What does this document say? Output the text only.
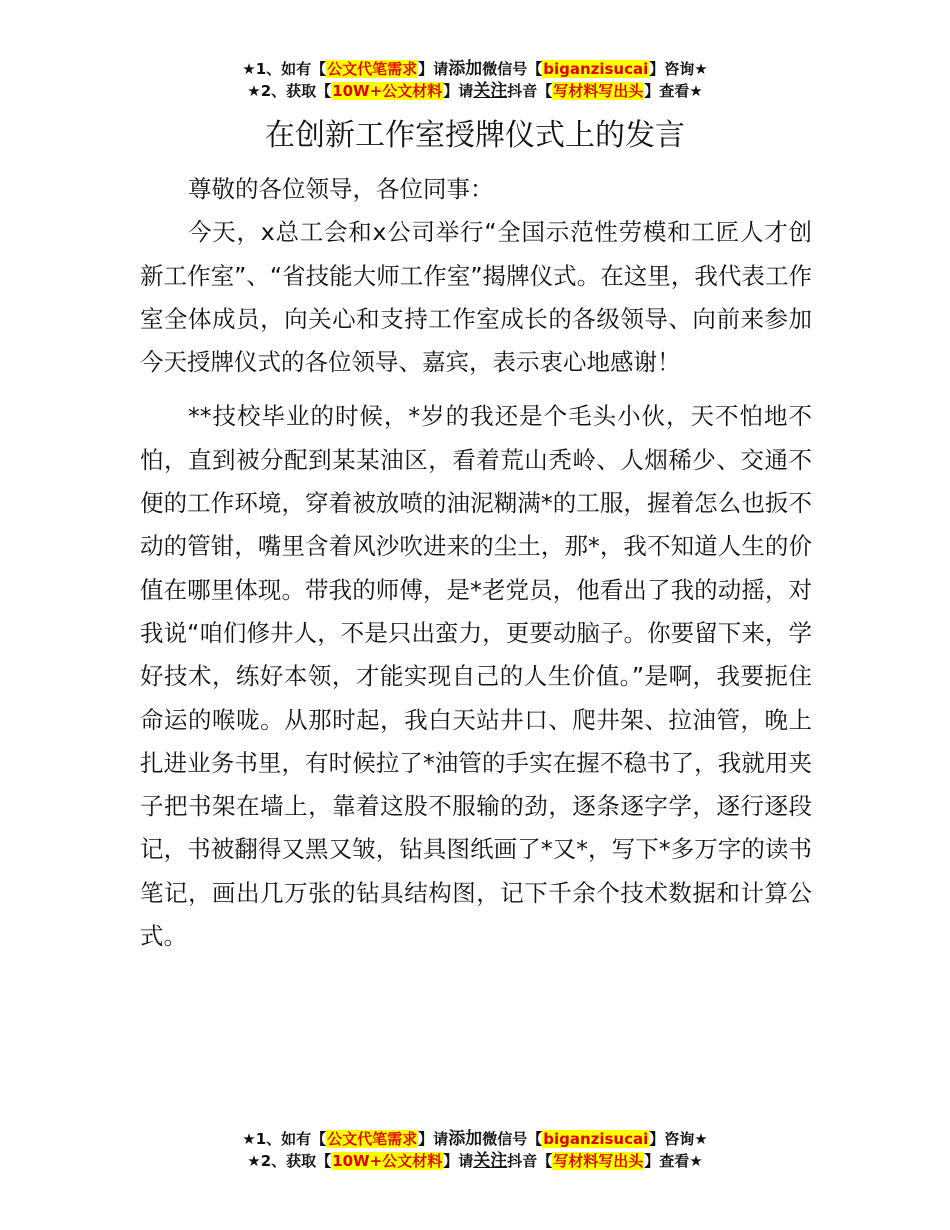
★1、如有【公文代笔需求】请添加微信号【biganzisucai】咨询★
★2、获取【10W+公文材料】请关注抖音【写材料写出头】查看★
在创新工作室授牌仪式上的发言

尊敬的各位领导，各位同事：

今天，x总工会和x公司举行“全国示范性劳模和工匠人才创新工作室”、“省技能大师工作室”揭牌仪式。在这里，我代表工作室全体成员，向关心和支持工作室成长的各级领导、向前来参加今天授牌仪式的各位领导、嘉宾，表示衷心地感谢！

**技校毕业的时候，*岁的我还是个毛头小伙，天不怕地不怕，直到被分配到某某油区，看着荒山秃岭、人烟稀少、交通不便的工作环境，穿着被放喷的油泥糊满*的工服，握着怎么也扳不动的管钳，嘴里含着风沙吹进来的尘土，那*，我不知道人生的价值在哪里体现。带我的师傅，是*老党员，他看出了我的动摇，对我说“咱们修井人，不是只出蛮力，更要动脑子。你要留下来，学好技术，练好本领，才能实现自己的人生价值。”是啊，我要扼住命运的喉咙。从那时起，我白天站井口、爬井架、拉油管，晚上扎进业务书里，有时候拉了*油管的手实在握不稳书了，我就用夹子把书架在墙上，靠着这股不服输的劲，逐条逐字学，逐行逐段记，书被翻得又黑又皱，钻具图纸画了*又*，写下*多万字的读书笔记，画出几万张的钻具结构图，记下千余个技术数据和计算公式。

★1、如有【公文代笔需求】请添加微信号【biganzisucai】咨询★
★2、获取【10W+公文材料】请关注抖音【写材料写出头】查看★
